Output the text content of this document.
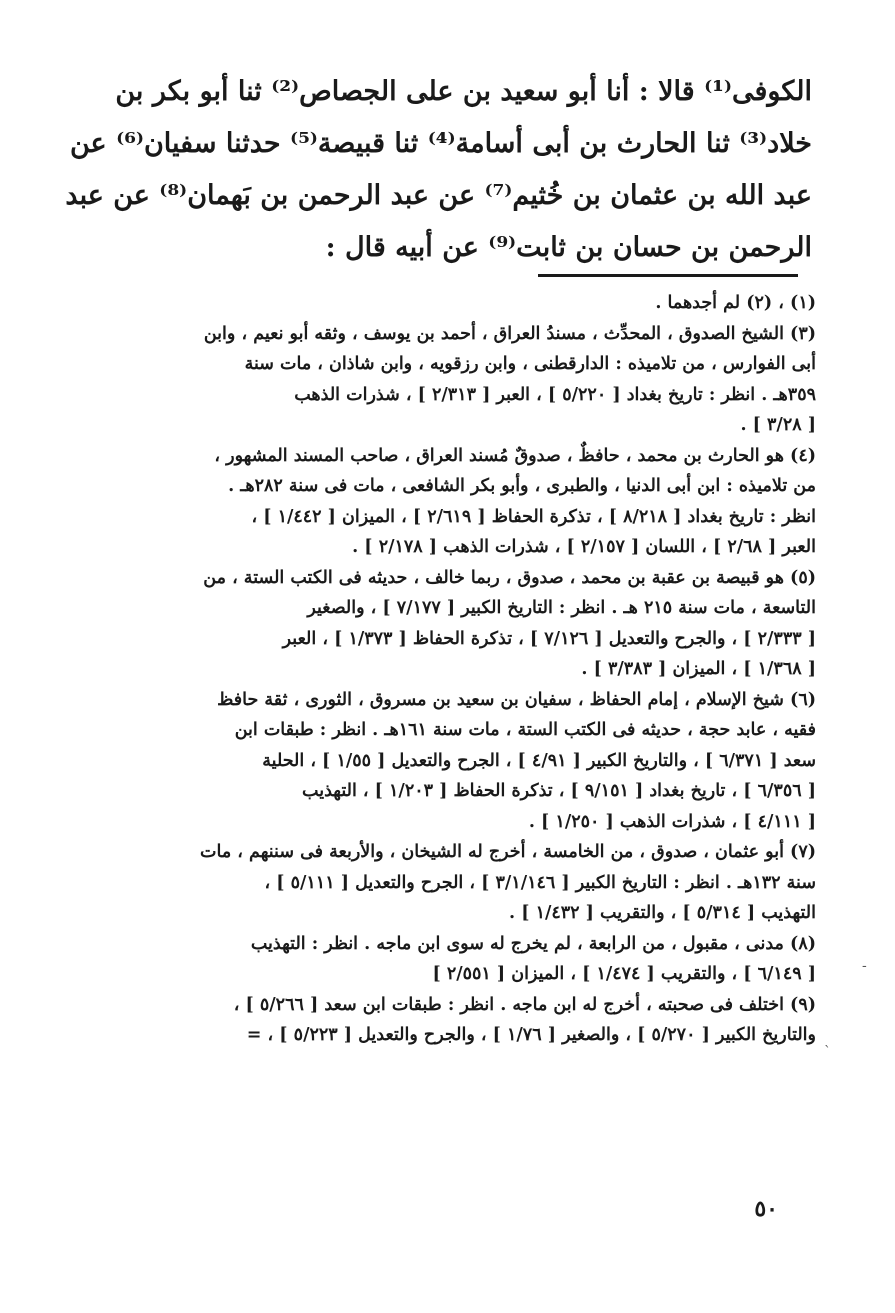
الكوفى⁽¹⁾ قالا : أنا أبو سعيد بن على الجصاص⁽²⁾ ثنا أبو بكر بن
خلاد⁽³⁾ ثنا الحارث بن أبى أسامة⁽⁴⁾ ثنا قبيصة⁽⁵⁾ حدثنا سفيان⁽⁶⁾ عن
عبد الله بن عثمان بن خُثيم⁽⁷⁾ عن عبد الرحمن بن بَهمان⁽⁸⁾ عن عبد
الرحمن بن حسان بن ثابت⁽⁹⁾ عن أبيه قال :
(١) ، (٢) لم أجدهما .
(٣) الشيخ الصدوق ، المحدِّث ، مسندُ العراق ، أحمد بن يوسف ، وثقه أبو نعيم ، وابن
أبى الفوارس ، من تلاميذه : الدارقطنى ، وابن رزقويه ، وابن شاذان ، مات سنة
٣٥٩هـ . انظر : تاريخ بغداد [ ٥/٢٢٠ ] ، العبر [ ٢/٣١٣ ] ، شذرات الذهب
[ ٣/٢٨ ] .
(٤) هو الحارث بن محمد ، حافظٌ ، صدوقٌ مُسند العراق ، صاحب المسند المشهور ،
من تلاميذه : ابن أبى الدنيا ، والطبرى ، وأبو بكر الشافعى ، مات فى سنة ٢٨٢هـ .
انظر : تاريخ بغداد [ ٨/٢١٨ ] ، تذكرة الحفاظ [ ٢/٦١٩ ] ، الميزان [ ١/٤٤٢ ] ،
العبر [ ٢/٦٨ ] ، اللسان [ ٢/١٥٧ ] ، شذرات الذهب [ ٢/١٧٨ ] .
(٥) هو قبيصة بن عقبة بن محمد ، صدوق ، ربما خالف ، حديثه فى الكتب الستة ، من
التاسعة ، مات سنة ٢١٥ هـ . انظر : التاريخ الكبير [ ٧/١٧٧ ] ، والصغير
[ ٢/٣٣٣ ] ، والجرح والتعديل [ ٧/١٢٦ ] ، تذكرة الحفاظ [ ١/٣٧٣ ] ، العبر
[ ١/٣٦٨ ] ، الميزان [ ٣/٣٨٣ ] .
(٦) شيخ الإسلام ، إمام الحفاظ ، سفيان بن سعيد بن مسروق ، الثورى ، ثقة حافظ
فقيه ، عابد حجة ، حديثه فى الكتب الستة ، مات سنة ١٦١هـ . انظر : طبقات ابن
سعد [ ٦/٣٧١ ] ، والتاريخ الكبير [ ٤/٩١ ] ، الجرح والتعديل [ ١/٥٥ ] ، الحلية
[ ٦/٣٥٦ ] ، تاريخ بغداد [ ٩/١٥١ ] ، تذكرة الحفاظ [ ١/٢٠٣ ] ، التهذيب
[ ٤/١١١ ] ، شذرات الذهب [ ١/٢٥٠ ] .
(٧) أبو عثمان ، صدوق ، من الخامسة ، أخرج له الشيخان ، والأربعة فى سننهم ، مات
سنة ١٣٢هـ . انظر : التاريخ الكبير [ ٣/١/١٤٦ ] ، الجرح والتعديل [ ٥/١١١ ] ،
التهذيب [ ٥/٣١٤ ] ، والتقريب [ ١/٤٣٢ ] .
(٨) مدنى ، مقبول ، من الرابعة ، لم يخرج له سوى ابن ماجه . انظر : التهذيب
[ ٦/١٤٩ ] ، والتقريب [ ١/٤٧٤ ] ، الميزان [ ٢/٥٥١ ]
(٩) اختلف فى صحبته ، أخرج له ابن ماجه . انظر : طبقات ابن سعد [ ٥/٢٦٦ ] ،
والتاريخ الكبير [ ٥/٢٧٠ ] ، والصغير [ ١/٧٦ ] ، والجرح والتعديل [ ٥/٢٢٣ ] ، =
٥٠
-
ˋ
